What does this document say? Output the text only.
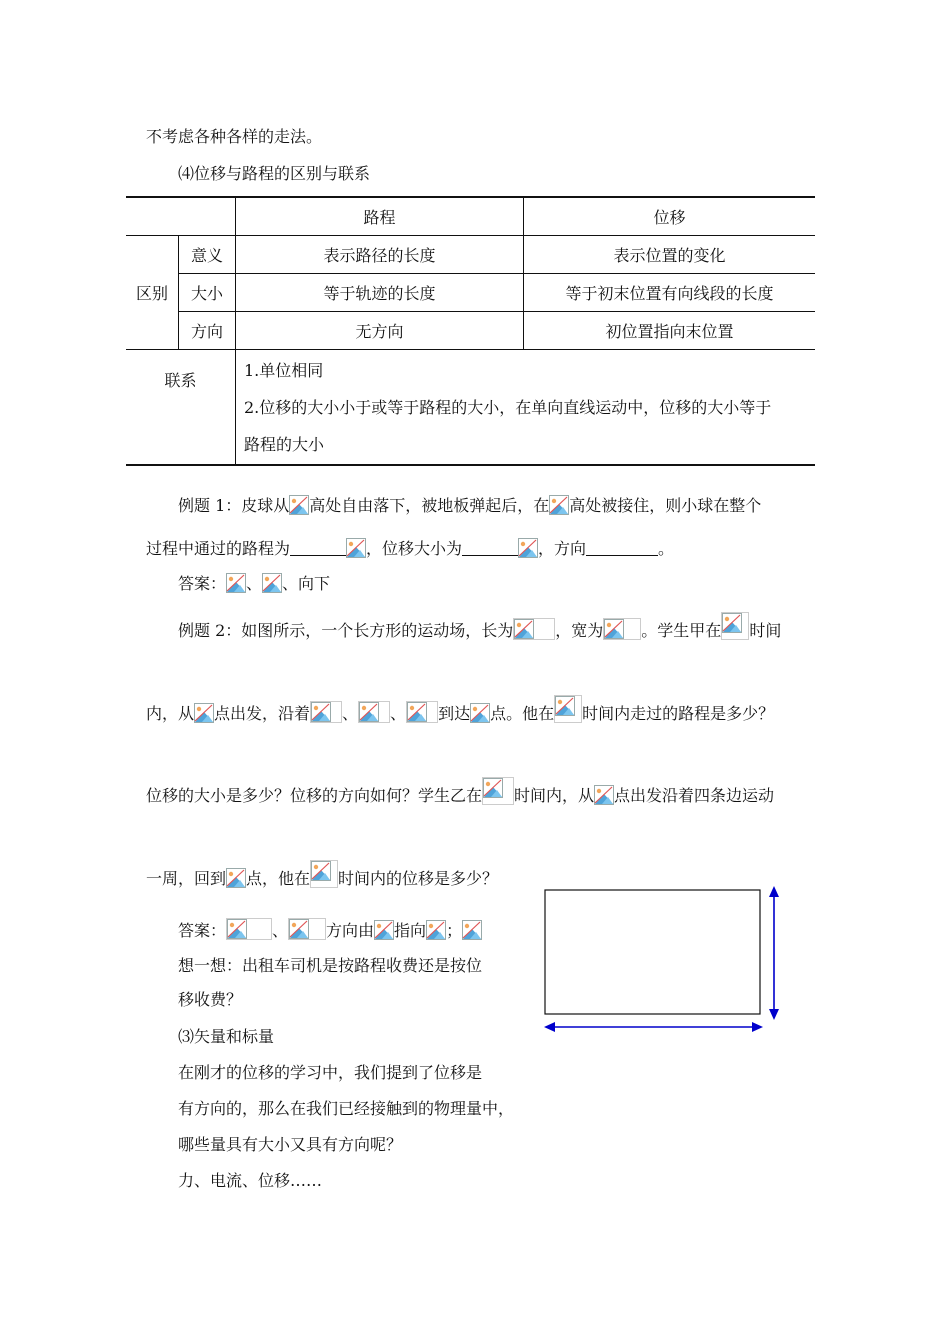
不考虑各种各样的走法。
⑷位移与路程的区别与联系
		路程	位移
区别	意义	表示路径的长度	表示位置的变化
	大小	等于轨迹的长度	等于初末位置有向线段的长度
	方向	无方向	初位置指向末位置
联系		1.单位相同
2.位移的大小小于或等于路程的大小，在单向直线运动中，位移的大小等于
路程的大小	
例题 1：皮球从 高处自由落下，被地板弹起后，在 高处被接住，则小球在整个
过程中通过的路程为	，位移大小为	，方向	。
答案： 、 、向下
例题 2：如图所示，一个长方形的运动场，长为	，宽为 。学生甲在 时间
内，从 点出发，沿着 、 、 到达 点。他在 时间内走过的路程是多少？
位移的大小是多少？位移的方向如何？学生乙在 时间内，从 点出发沿着四条边运动
一周，回到 点，他在 时间内的位移是多少？
答案：	、 方向由 指向 ；
想一想：出租车司机是按路程收费还是按位
移收费？
⑶矢量和标量
在刚才的位移的学习中，我们提到了位移是
有方向的，那么在我们已经接触到的物理量中，
哪些量具有大小又具有方向呢？
力、电流、位移……
